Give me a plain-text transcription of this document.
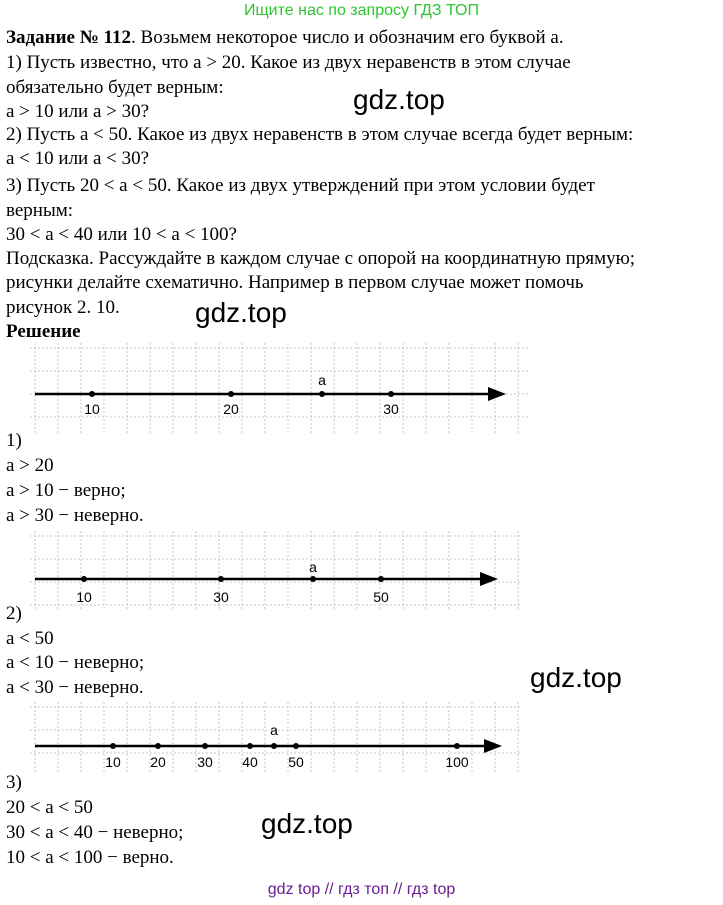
Ищите нас по запросу ГДЗ ТОП
Задание № 112. Возьмем некоторое число и обозначим его буквой a.
1) Пусть известно, что a > 20. Какое из двух неравенств в этом случае
обязательно будет верным:
a > 10 или a > 30?
2) Пусть a < 50. Какое из двух неравенств в этом случае всегда будет верным:
a < 10 или a < 30?
3) Пусть 20 < a < 50. Какое из двух утверждений при этом условии будет
верным:
30 < a < 40 или 10 < a < 100?
Подсказка. Рассуждайте в каждом случае с опорой на координатную прямую;
рисунки делайте схематично. Например в первом случае может помочь
рисунок 2. 10.
Решение
gdz.top
gdz.top
gdz.top
gdz.top
10	20	30
a
1)
a > 20
a > 10 − верно;
a > 30 − неверно.
10	30	50
a
2)
a < 50
a < 10 − неверно;
a < 30 − неверно.
10 20 30 40 50	100
a
3)
20 < a < 50
30 < a < 40 − неверно;
10 < a < 100 − верно.
gdz top // гдз топ // гдз top
